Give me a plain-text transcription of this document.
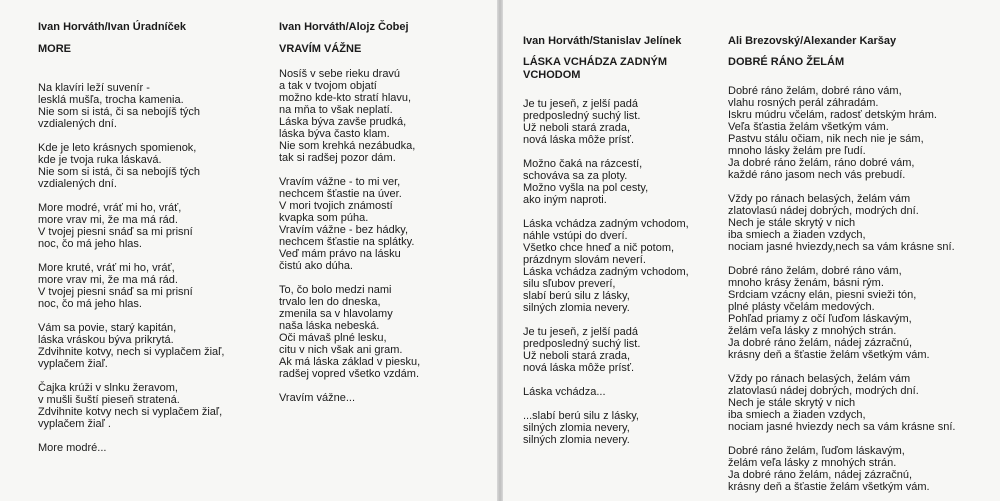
Ivan Horváth/Ivan Úradníček
MORE

Na klavíri leží suvenír -
lesklá mušľa, trocha kamenia.
Nie som si istá, či sa nebojíš tých
vzdialených dní.

Kde je leto krásnych spomienok,
kde je tvoja ruka láskavá.
Nie som si istá, či sa nebojíš tých
vzdialených dní.

More modré, vráť mi ho, vráť,
more vrav mi, že ma má rád.
V tvojej piesni snáď sa mi prisní
noc, čo má jeho hlas.

More kruté, vráť mi ho, vráť,
more vrav mi, že ma má rád.
V tvojej piesni snáď sa mi prisní
noc, čo má jeho hlas.

Vám sa povie, starý kapitán,
láska vráskou býva prikrytá.
Zdvihnite kotvy, nech si vyplačem žiaľ,
vyplačem žiaľ.

Čajka krúži v slnku žeravom,
v mušli šuští pieseň stratená.
Zdvihnite kotvy nech si vyplačem žiaľ,
vyplačem žiaľ .

More modré...

Ivan Horváth/Alojz Čobej
VRAVÍM VÁŽNE

Nosíš v sebe rieku dravú
a tak v tvojom objatí
možno kde-kto stratí hlavu,
na mňa to však neplatí.
Láska býva zavše prudká,
láska býva často klam.
Nie som krehká nezábudka,
tak si radšej pozor dám.

Vravím vážne - to mi ver,
nechcem šťastie na úver.
V mori tvojich známostí
kvapka som púha.
Vravím vážne - bez hádky,
nechcem šťastie na splátky.
Veď mám právo na lásku
čistú ako dúha.

To, čo bolo medzi nami
trvalo len do dneska,
zmenila sa v hlavolamy
naša láska nebeská.
Oči mávaš plné lesku,
citu v nich však ani gram.
Ak má láska základ v piesku,
radšej vopred všetko vzdám.

Vravím vážne...

Ivan Horváth/Stanislav Jelínek
LÁSKA VCHÁDZA ZADNÝM
VCHODOM

Je tu jeseň, z jelší padá
predposledný suchý list.
Už neboli stará zrada,
nová láska môže prísť.

Možno čaká na rázcestí,
schováva sa za ploty.
Možno vyšla na pol cesty,
ako iným naproti.

Láska vchádza zadným vchodom,
náhle vstúpi do dverí.
Všetko chce hneď a nič potom,
prázdnym slovám neverí.
Láska vchádza zadným vchodom,
silu sľubov preverí,
slabí berú silu z lásky,
silných zlomia nevery.

Je tu jeseň, z jelší padá
predposledný suchý list.
Už neboli stará zrada,
nová láska môže prísť.

Láska vchádza...

...slabí berú silu z lásky,
silných zlomia nevery,
silných zlomia nevery.

Ali Brezovský/Alexander Karšay
DOBRÉ RÁNO ŽELÁM

Dobré ráno želám, dobré ráno vám,
vlahu rosných perál záhradám.
Iskru múdru včelám, radosť detským hrám.
Veľa šťastia želám všetkým vám.
Pastvu stálu očiam, nik nech nie je sám,
mnoho lásky želám pre ľudí.
Ja dobré ráno želám, ráno dobré vám,
každé ráno jasom nech vás prebudí.

Vždy po ránach belasých, želám vám
zlatovlasú nádej dobrých, modrých dní.
Nech je stále skrytý v nich
iba smiech a žiaden vzdych,
nociam jasné hviezdy,nech sa vám krásne sní.

Dobré ráno želám, dobré ráno vám,
mnoho krásy ženám, básni rým.
Srdciam vzácny elán, piesni svieži tón,
plné plásty včelám medových.
Pohľad priamy z očí ľuďom láskavým,
želám veľa lásky z mnohých strán.
Ja dobré ráno želám, nádej zázračnú,
krásny deň a šťastie želám všetkým vám.

Vždy po ránach belasých, želám vám
zlatovlasú nádej dobrých, modrých dní.
Nech je stále skrytý v nich
iba smiech a žiaden vzdych,
nociam jasné hviezdy nech sa vám krásne sní.

Dobré ráno želám, ľuďom láskavým,
želám veľa lásky z mnohých strán.
Ja dobré ráno želám, nádej zázračnú,
krásny deň a šťastie želám všetkým vám.
